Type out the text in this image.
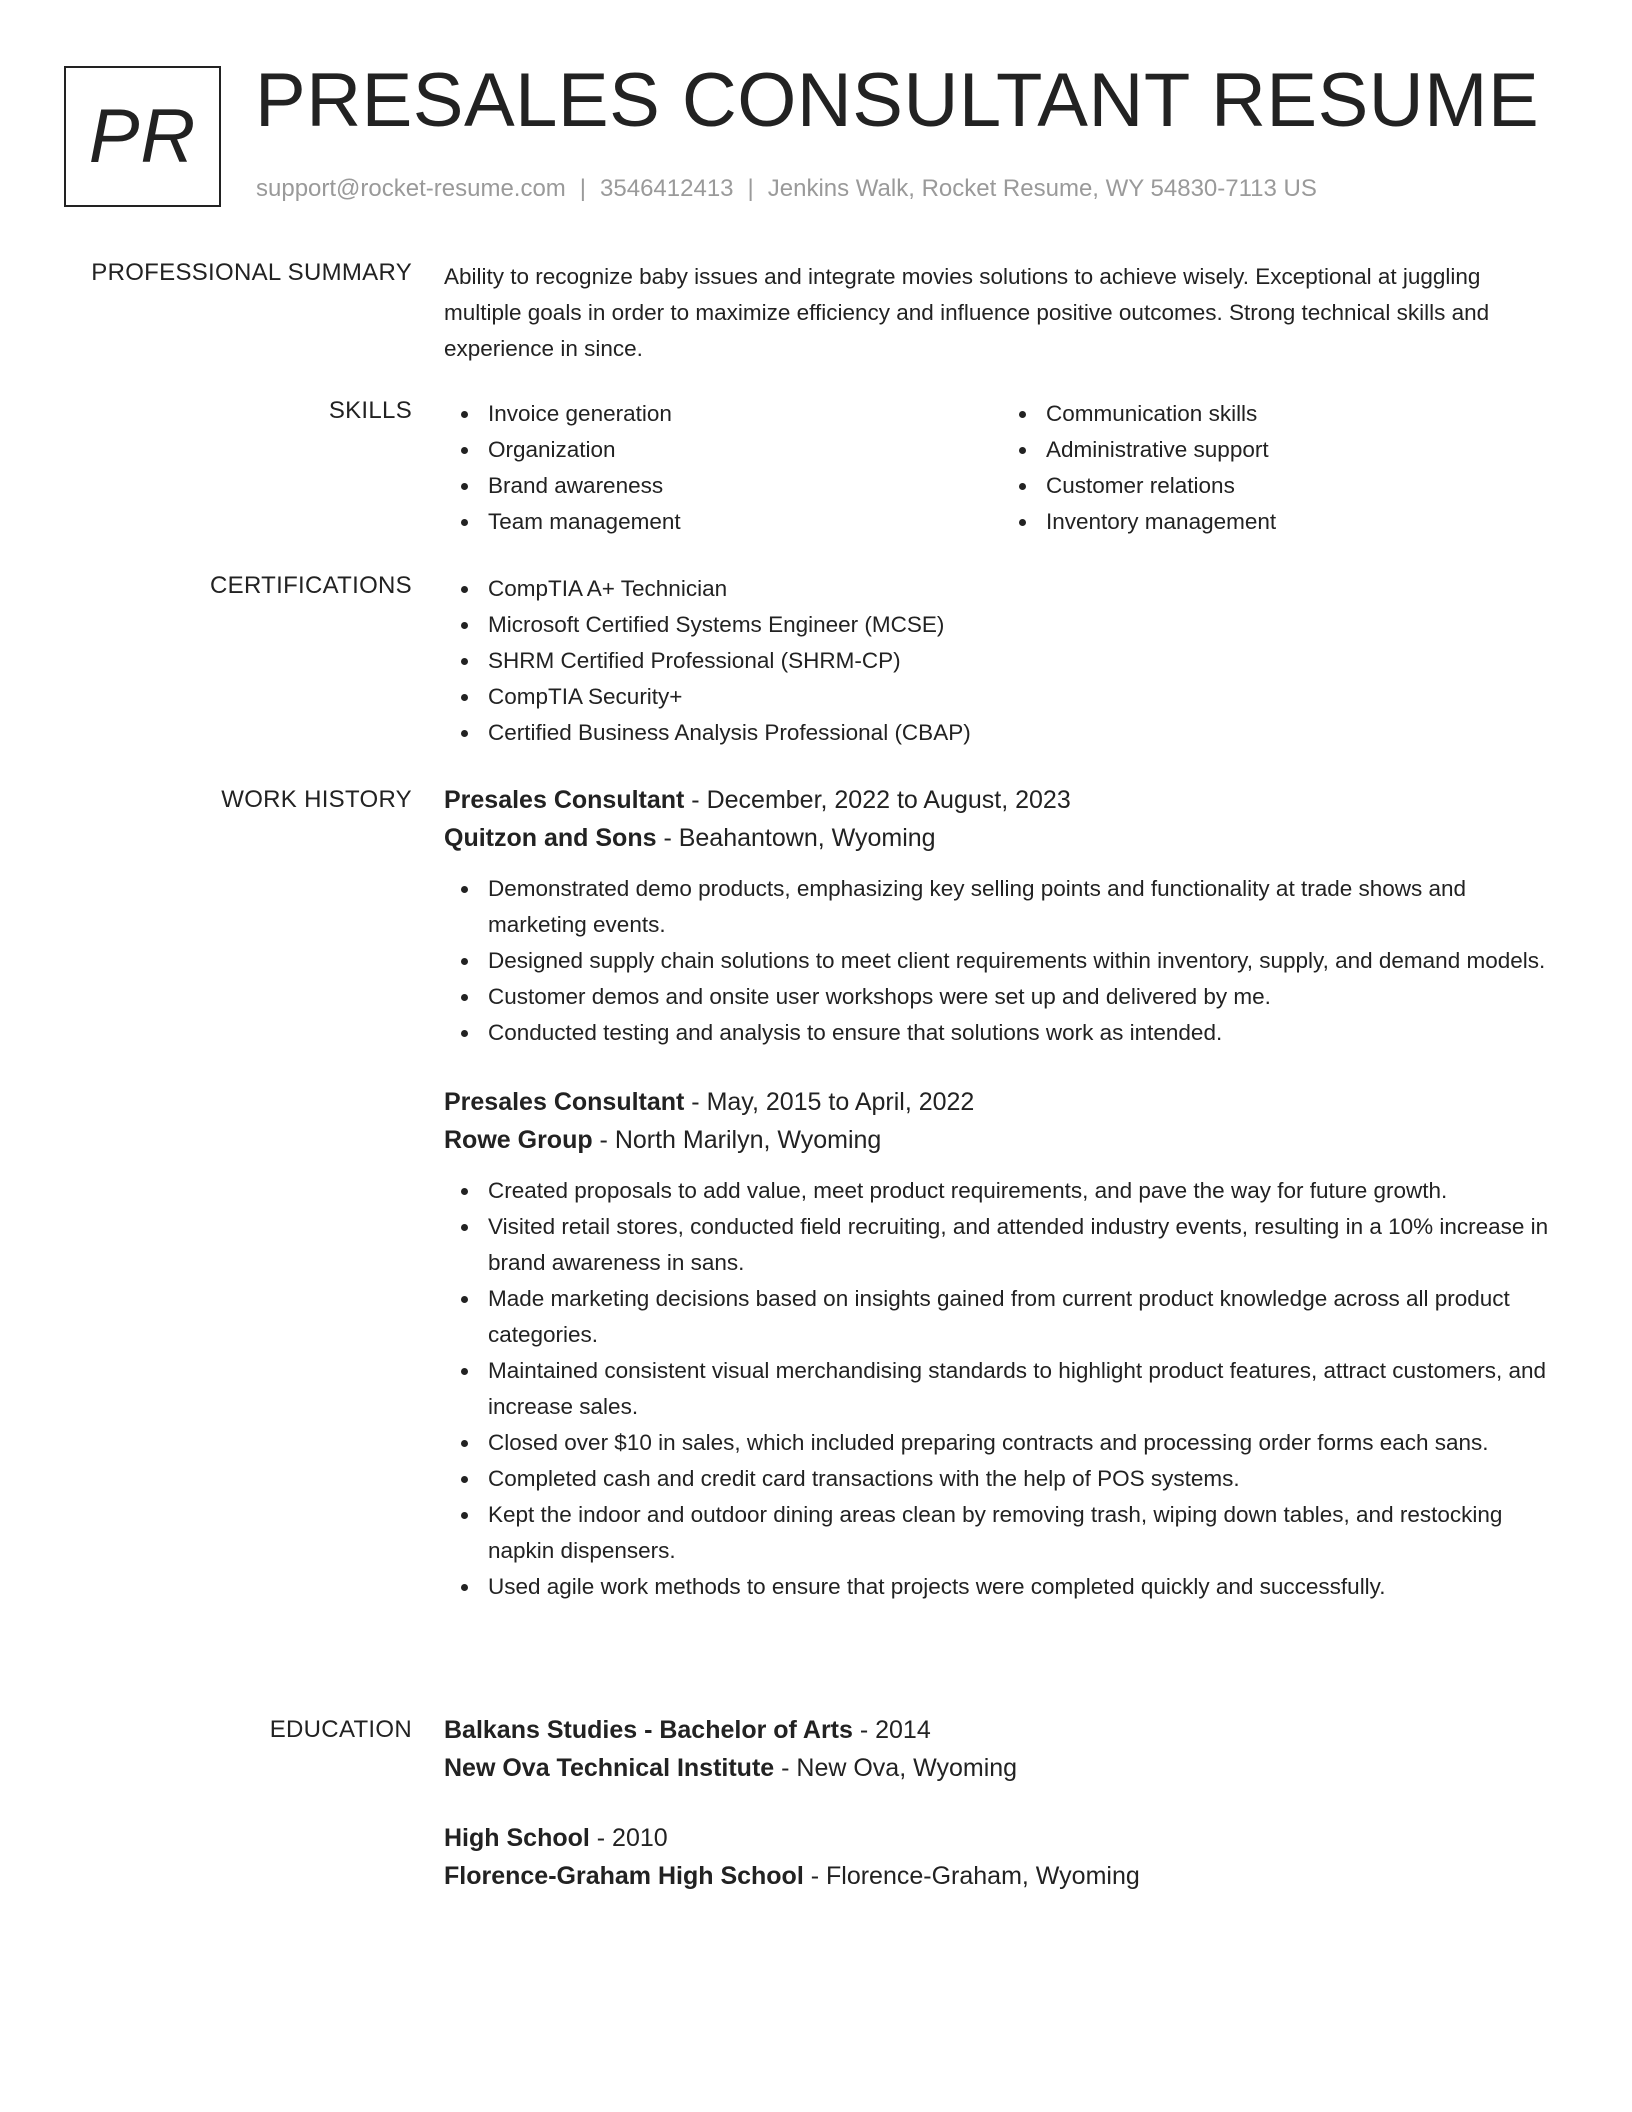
PR PRESALES CONSULTANT RESUME
support@rocket-resume.com | 3546412413 | Jenkins Walk, Rocket Resume, WY 54830-7113 US
PROFESSIONAL SUMMARY Ability to recognize baby issues and integrate movies solutions to achieve wisely. Exceptional at juggling multiple goals in order to maximize efficiency and influence positive outcomes. Strong technical skills and experience in since.

SKILLS	Invoice generation
Organization
Brand awareness
Team management
Communication skills
Administrative support
Customer relations
Inventory management
CERTIFICATIONS	CompTIA A+ Technician
Microsoft Certified Systems Engineer (MCSE)
SHRM Certified Professional (SHRM-CP)
CompTIA Security+
Certified Business Analysis Professional (CBAP)
WORK HISTORY Presales Consultant - December, 2022 to August, 2023
Quitzon and Sons - Beahantown, Wyoming
Demonstrated demo products, emphasizing key selling points and functionality at trade shows and marketing events.
Designed supply chain solutions to meet client requirements within inventory, supply, and demand models.
Customer demos and onsite user workshops were set up and delivered by me.
Conducted testing and analysis to ensure that solutions work as intended.
Presales Consultant - May, 2015 to April, 2022
Rowe Group - North Marilyn, Wyoming
Created proposals to add value, meet product requirements, and pave the way for future growth.
Visited retail stores, conducted field recruiting, and attended industry events, resulting in a 10% increase in brand awareness in sans.
Made marketing decisions based on insights gained from current product knowledge across all product categories.
Maintained consistent visual merchandising standards to highlight product features, attract customers, and increase sales.
Closed over $10 in sales, which included preparing contracts and processing order forms each sans.
Completed cash and credit card transactions with the help of POS systems.
Kept the indoor and outdoor dining areas clean by removing trash, wiping down tables, and restocking napkin dispensers.
Used agile work methods to ensure that projects were completed quickly and successfully.
EDUCATION Balkans Studies - Bachelor of Arts - 2014
New Ova Technical Institute - New Ova, Wyoming
High School - 2010
Florence-Graham High School - Florence-Graham, Wyoming
